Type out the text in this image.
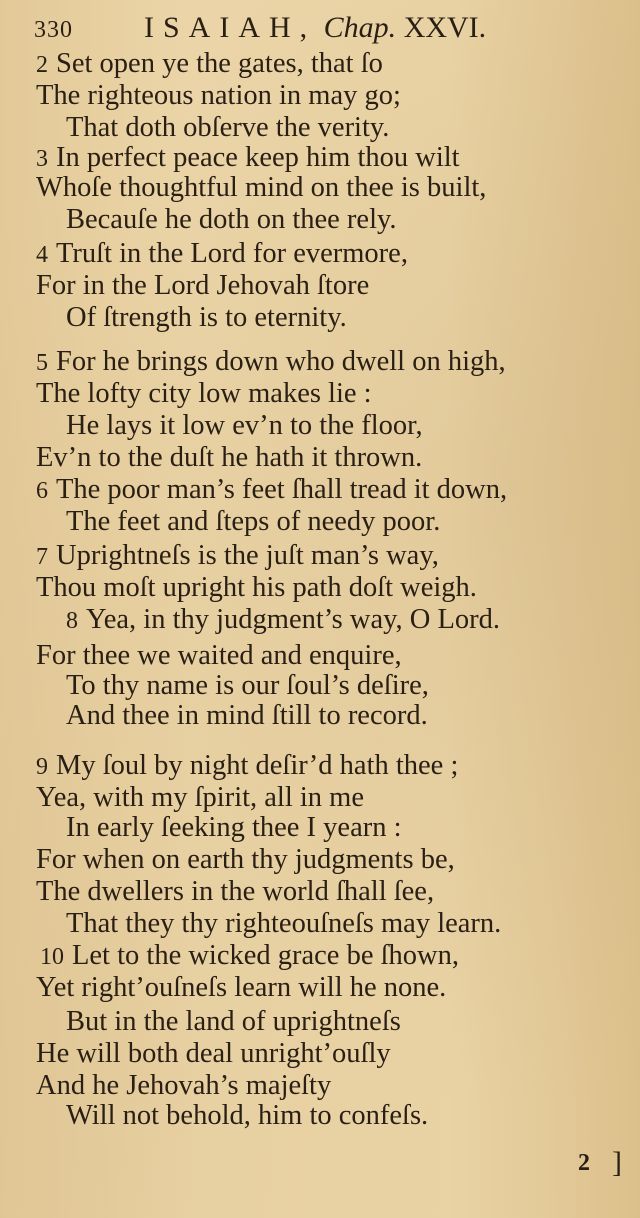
330 ISAIAH, Chap. XXVI.
2 Set open ye the gates, that ſo
The righteous nation in may go;
That doth obſerve the verity.
3 In perfect peace keep him thou wilt
Whoſe thoughtful mind on thee is built,
Becauſe he doth on thee rely.
4 Truſt in the Lord for evermore,
For in the Lord Jehovah ſtore
Of ſtrength is to eternity.
5 For he brings down who dwell on high,
The lofty city low makes lie :
He lays it low ev’n to the floor,
Ev’n to the duſt he hath it thrown.
6 The poor man’s feet ſhall tread it down,
The feet and ſteps of needy poor.
7 Uprightneſs is the juſt man’s way,
Thou moſt upright his path doſt weigh.
8 Yea, in thy judgment’s way, O Lord.
For thee we waited and enquire,
To thy name is our ſoul’s deſire,
And thee in mind ſtill to record.
9 My ſoul by night deſir’d hath thee ;
Yea, with my ſpirit, all in me
In early ſeeking thee I yearn :
For when on earth thy judgments be,
The dwellers in the world ſhall ſee,
That they thy righteouſneſs may learn.
10 Let to the wicked grace be ſhown,
Yet right’ouſneſs learn will he none.
But in the land of uprightneſs
He will both deal unright’ouſly
And he Jehovah’s majeſty
Will not behold, him to confeſs.
2 ]
